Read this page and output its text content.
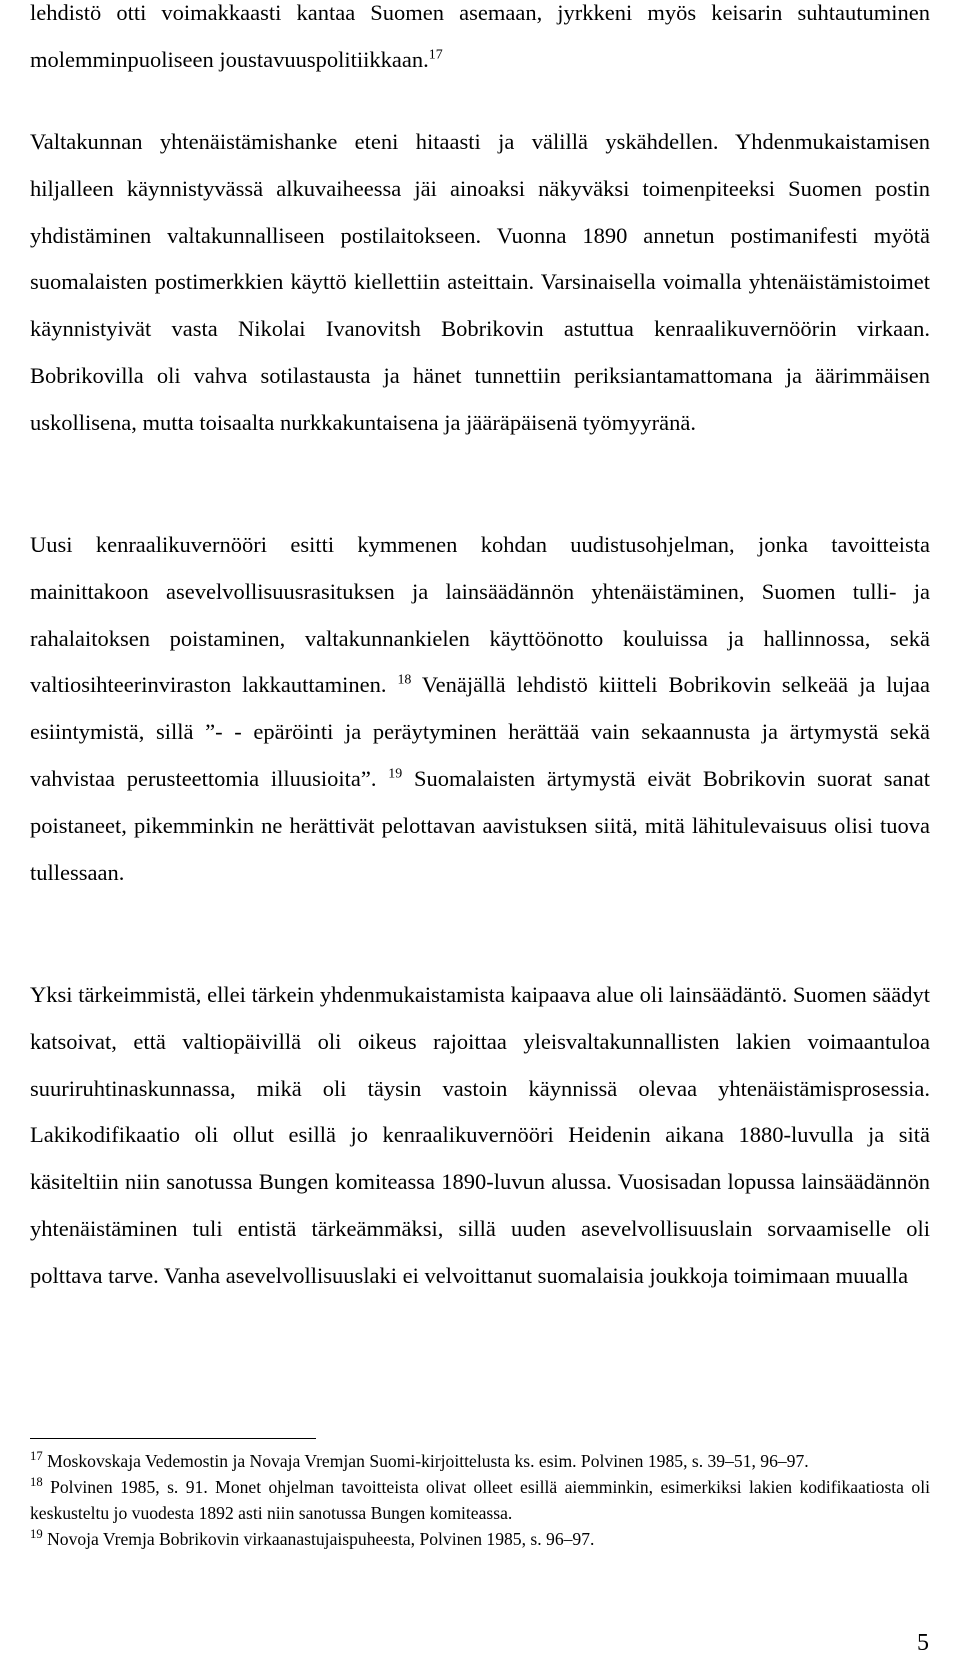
lehdistö otti voimakkaasti kantaa Suomen asemaan, jyrkkeni myös keisarin suhtautuminen molemminpuoliseen joustavuuspolitiikkaan.$^{17}$

Valtakunnan yhtenäistämishanke eteni hitaasti ja välillä yskähdellen. Yhdenmukaistamisen hiljalleen käynnistyvässä alkuvaiheessa jäi ainoaksi näkyväksi toimenpiteeksi Suomen postin yhdistäminen valtakunnalliseen postilaitokseen. Vuonna 1890 annetun postimanifesti myötä suomalaisten postimerkkien käyttö kiellettiin asteittain. Varsinaisella voimalla yhtenäistämistoimet käynnistyivät vasta Nikolai Ivanovitsh Bobrikovin astuttua kenraalikuvernöörin virkaan. Bobrikovilla oli vahva sotilastausta ja hänet tunnettiin periksiantamattomana ja äärimmäisen uskollisena, mutta toisaalta nurkkakuntaisena ja jääräpäisenä työmyyränä.

Uusi kenraalikuvernööri esitti kymmenen kohdan uudistusohjelman, jonka tavoitteista mainittakoon asevelvollisuusrasituksen ja lainsäädännön yhtenäistäminen, Suomen tulli- ja rahalaitoksen poistaminen, valtakunnankielen käyttöönotto kouluissa ja hallinnossa, sekä valtiosihteerinviraston lakkauttaminen. $^{18}$ Venäjällä lehdistö kiitteli Bobrikovin selkeää ja lujaa esiintymistä, sillä ”- - epäröinti ja peräytyminen herättää vain sekaannusta ja ärtymystä sekä vahvistaa perusteettomia illuusioita”. $^{19}$ Suomalaisten ärtymystä eivät Bobrikovin suorat sanat poistaneet, pikemminkin ne herättivät pelottavan aavistuksen siitä, mitä lähitulevaisuus olisi tuova tullessaan.

Yksi tärkeimmistä, ellei tärkein yhdenmukaistamista kaipaava alue oli lainsäädäntö. Suomen säädyt katsoivat, että valtiopäivillä oli oikeus rajoittaa yleisvaltakunnallisten lakien voimaantuloa suuriruhtinaskunnassa, mikä oli täysin vastoin käynnissä olevaa yhtenäistämisprosessia. Lakikodifikaatio oli ollut esillä jo kenraalikuvernööri Heidenin aikana 1880-luvulla ja sitä käsiteltiin niin sanotussa Bungen komiteassa 1890-luvun alussa. Vuosisadan lopussa lainsäädännön yhtenäistäminen tuli entistä tärkeämmäksi, sillä uuden asevelvollisuuslain sorvaamiselle oli polttava tarve. Vanha asevelvollisuuslaki ei velvoittanut suomalaisia joukkoja toimimaan muualla

$^{17}$ Moskovskaja Vedemostin ja Novaja Vremjan Suomi-kirjoittelusta ks. esim. Polvinen 1985, s. 39–51, 96–97.

$^{18}$ Polvinen 1985, s. 91. Monet ohjelman tavoitteista olivat olleet esillä aiemminkin, esimerkiksi lakien kodifikaatiosta oli keskusteltu jo vuodesta 1892 asti niin sanotussa Bungen komiteassa.

$^{19}$ Novoja Vremja Bobrikovin virkaanastujaispuheesta, Polvinen 1985, s. 96–97.

5
